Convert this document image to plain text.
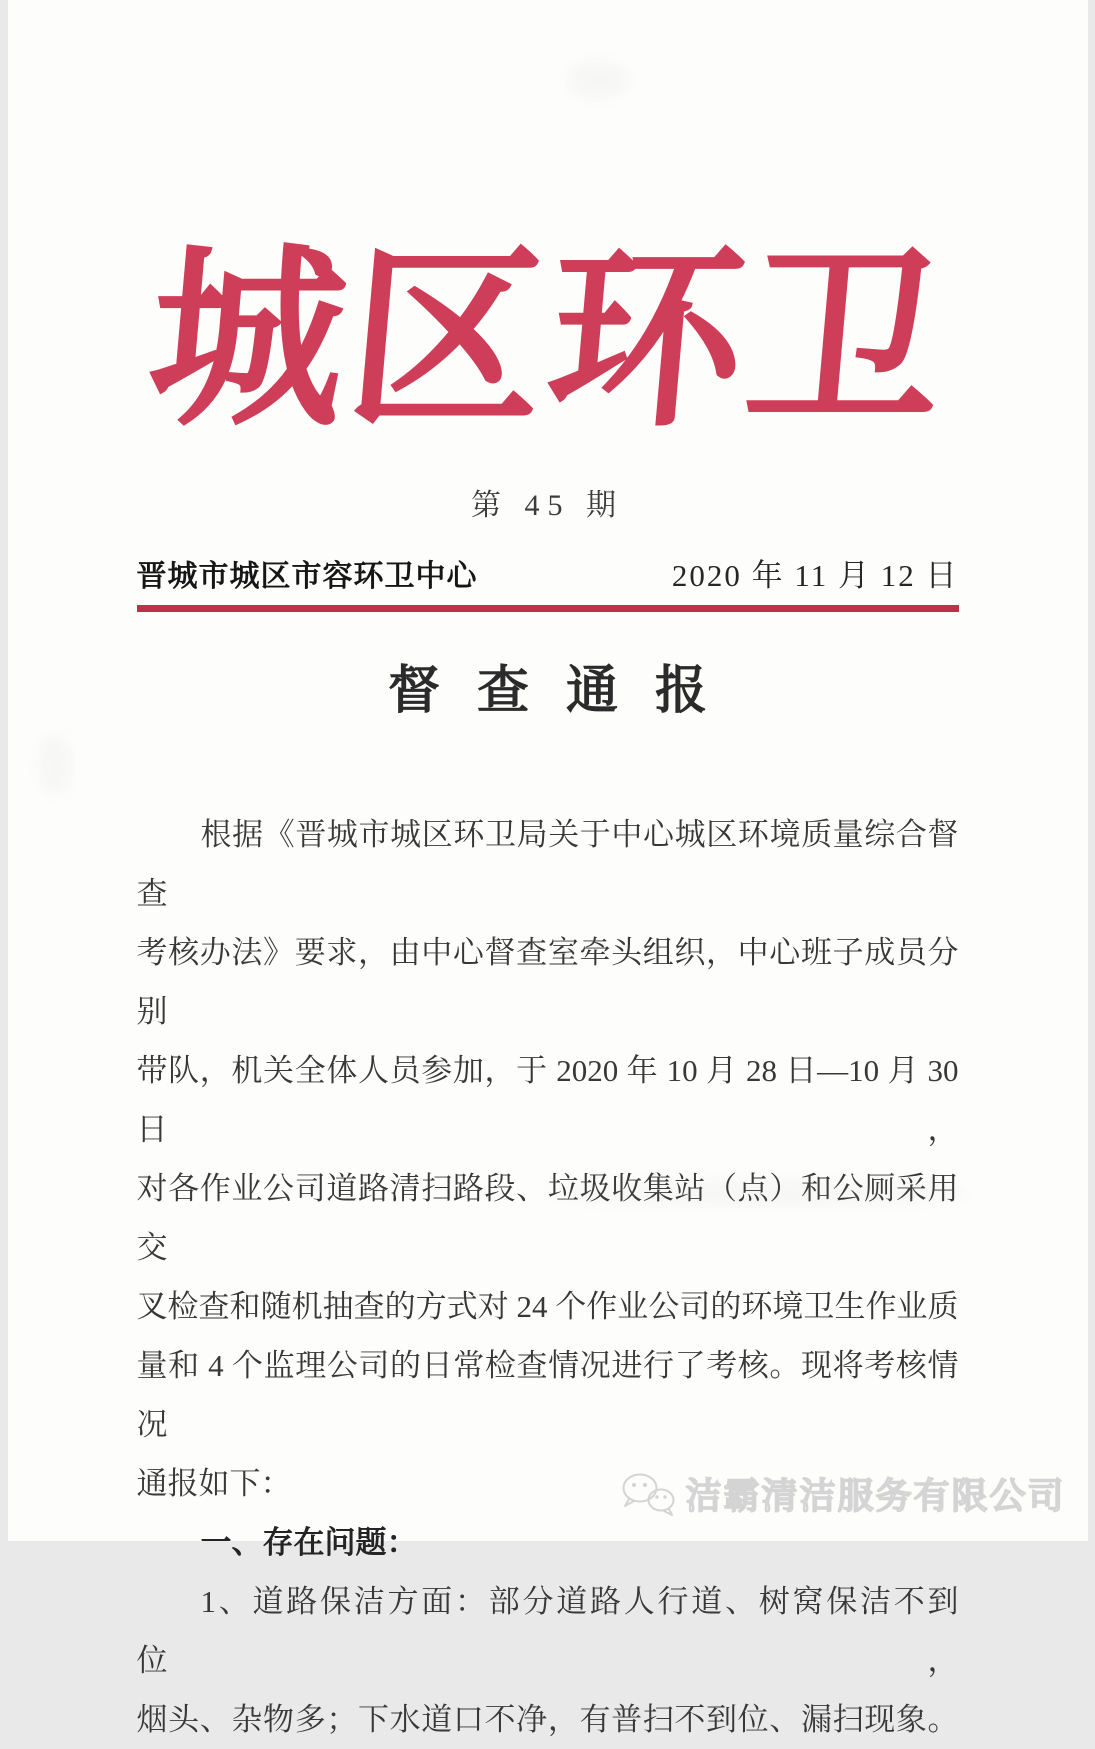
城区环卫
第 45 期
晋城市城区市容环卫中心	2020 年 11 月 12 日
督 查 通 报
根据《晋城市城区环卫局关于中心城区环境质量综合督查
考核办法》要求，由中心督查室牵头组织，中心班子成员分别
带队，机关全体人员参加，于 2020 年 10 月 28 日—10 月 30 日，
对各作业公司道路清扫路段、垃圾收集站（点）和公厕采用交
叉检查和随机抽查的方式对 24 个作业公司的环境卫生作业质
量和 4 个监理公司的日常检查情况进行了考核。现将考核情况
通报如下：
一、存在问题：
1、道路保洁方面：部分道路人行道、树窝保洁不到位，
烟头、杂物多；下水道口不净，有普扫不到位、漏扫现象。
洁霸清洁服务有限公司
